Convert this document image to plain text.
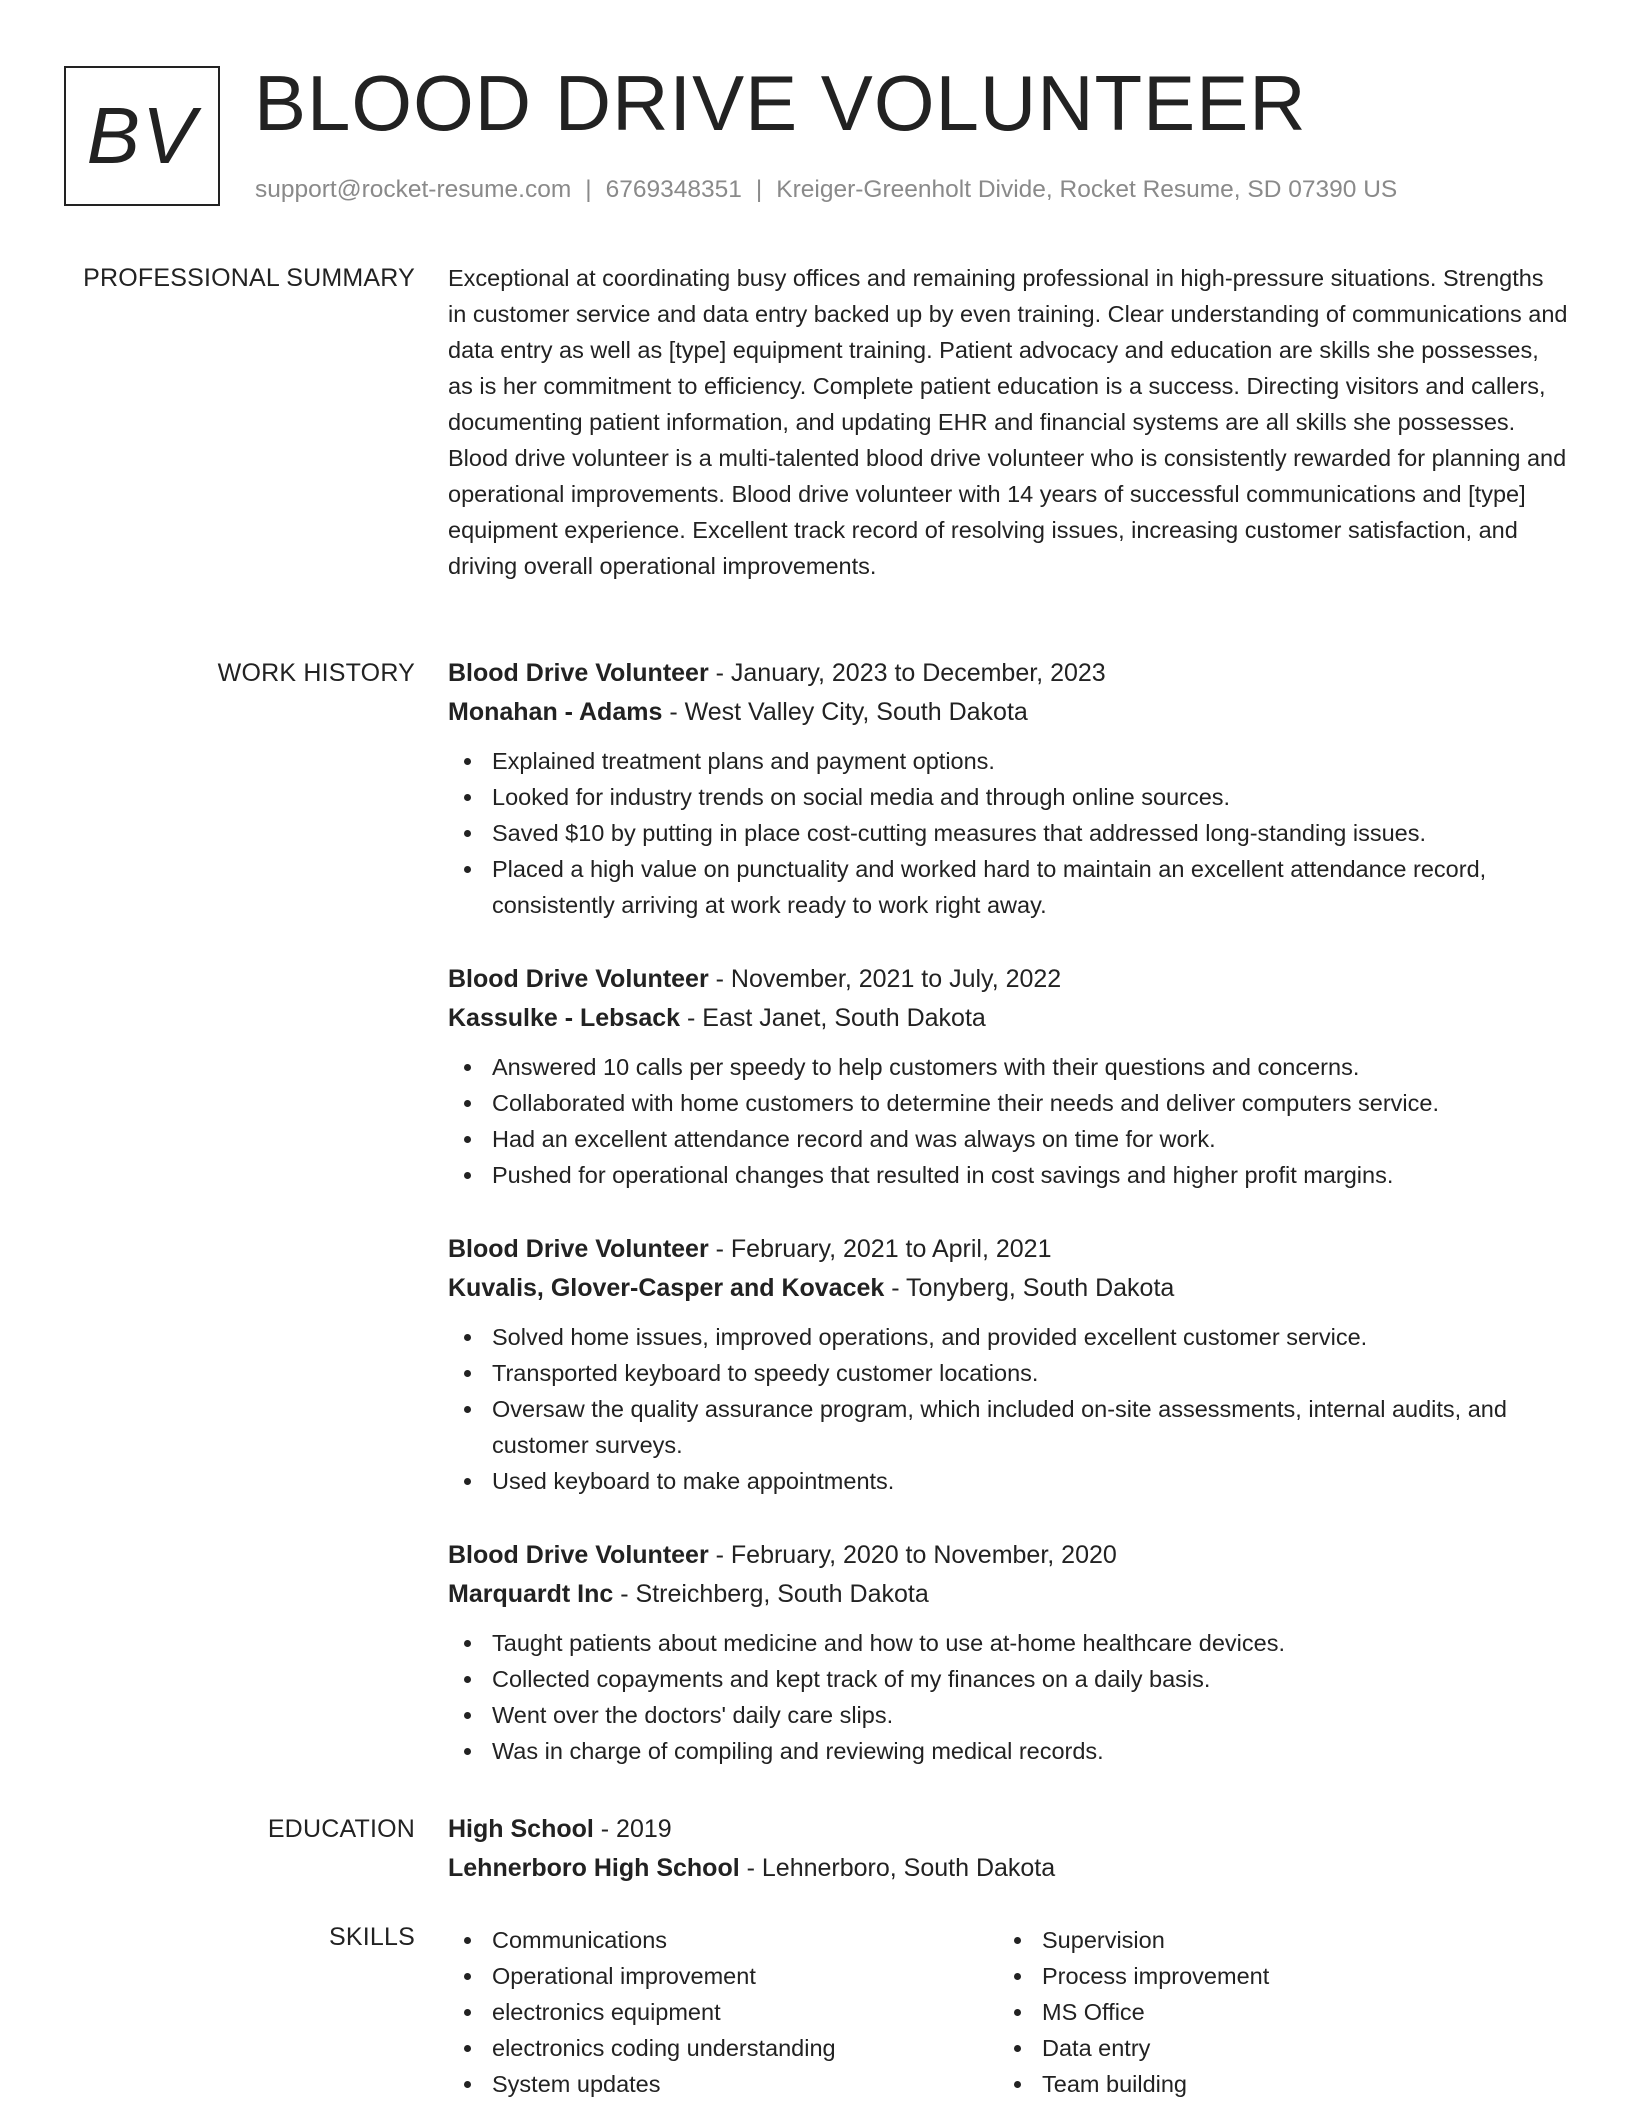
BV BLOOD DRIVE VOLUNTEER
support@rocket-resume.com | 6769348351 | Kreiger-Greenholt Divide, Rocket Resume, SD 07390 US
PROFESSIONAL SUMMARY Exceptional at coordinating busy offices and remaining professional in high-pressure situations. Strengths in customer service and data entry backed up by even training. Clear understanding of communications and data entry as well as [type] equipment training. Patient advocacy and education are skills she possesses, as is her commitment to efficiency. Complete patient education is a success. Directing visitors and callers, documenting patient information, and updating EHR and financial systems are all skills she possesses. Blood drive volunteer is a multi-talented blood drive volunteer who is consistently rewarded for planning and operational improvements. Blood drive volunteer with 14 years of successful communications and [type] equipment experience. Excellent track record of resolving issues, increasing customer satisfaction, and driving overall operational improvements.

WORK HISTORY Blood Drive Volunteer - January, 2023 to December, 2023
Monahan - Adams - West Valley City, South Dakota
Explained treatment plans and payment options.
Looked for industry trends on social media and through online sources.
Saved $10 by putting in place cost-cutting measures that addressed long-standing issues.
Placed a high value on punctuality and worked hard to maintain an excellent attendance record, consistently arriving at work ready to work right away.
Blood Drive Volunteer - November, 2021 to July, 2022
Kassulke - Lebsack - East Janet, South Dakota
Answered 10 calls per speedy to help customers with their questions and concerns.
Collaborated with home customers to determine their needs and deliver computers service.
Had an excellent attendance record and was always on time for work.
Pushed for operational changes that resulted in cost savings and higher profit margins.
Blood Drive Volunteer - February, 2021 to April, 2021
Kuvalis, Glover-Casper and Kovacek - Tonyberg, South Dakota
Solved home issues, improved operations, and provided excellent customer service.
Transported keyboard to speedy customer locations.
Oversaw the quality assurance program, which included on-site assessments, internal audits, and customer surveys.
Used keyboard to make appointments.
Blood Drive Volunteer - February, 2020 to November, 2020
Marquardt Inc - Streichberg, South Dakota
Taught patients about medicine and how to use at-home healthcare devices.
Collected copayments and kept track of my finances on a daily basis.
Went over the doctors' daily care slips.
Was in charge of compiling and reviewing medical records.
EDUCATION High School - 2019
Lehnerboro High School - Lehnerboro, South Dakota
SKILLS	Communications
Operational improvement
electronics equipment
electronics coding understanding
System updates
Supervision
Process improvement
MS Office
Data entry
Team building
